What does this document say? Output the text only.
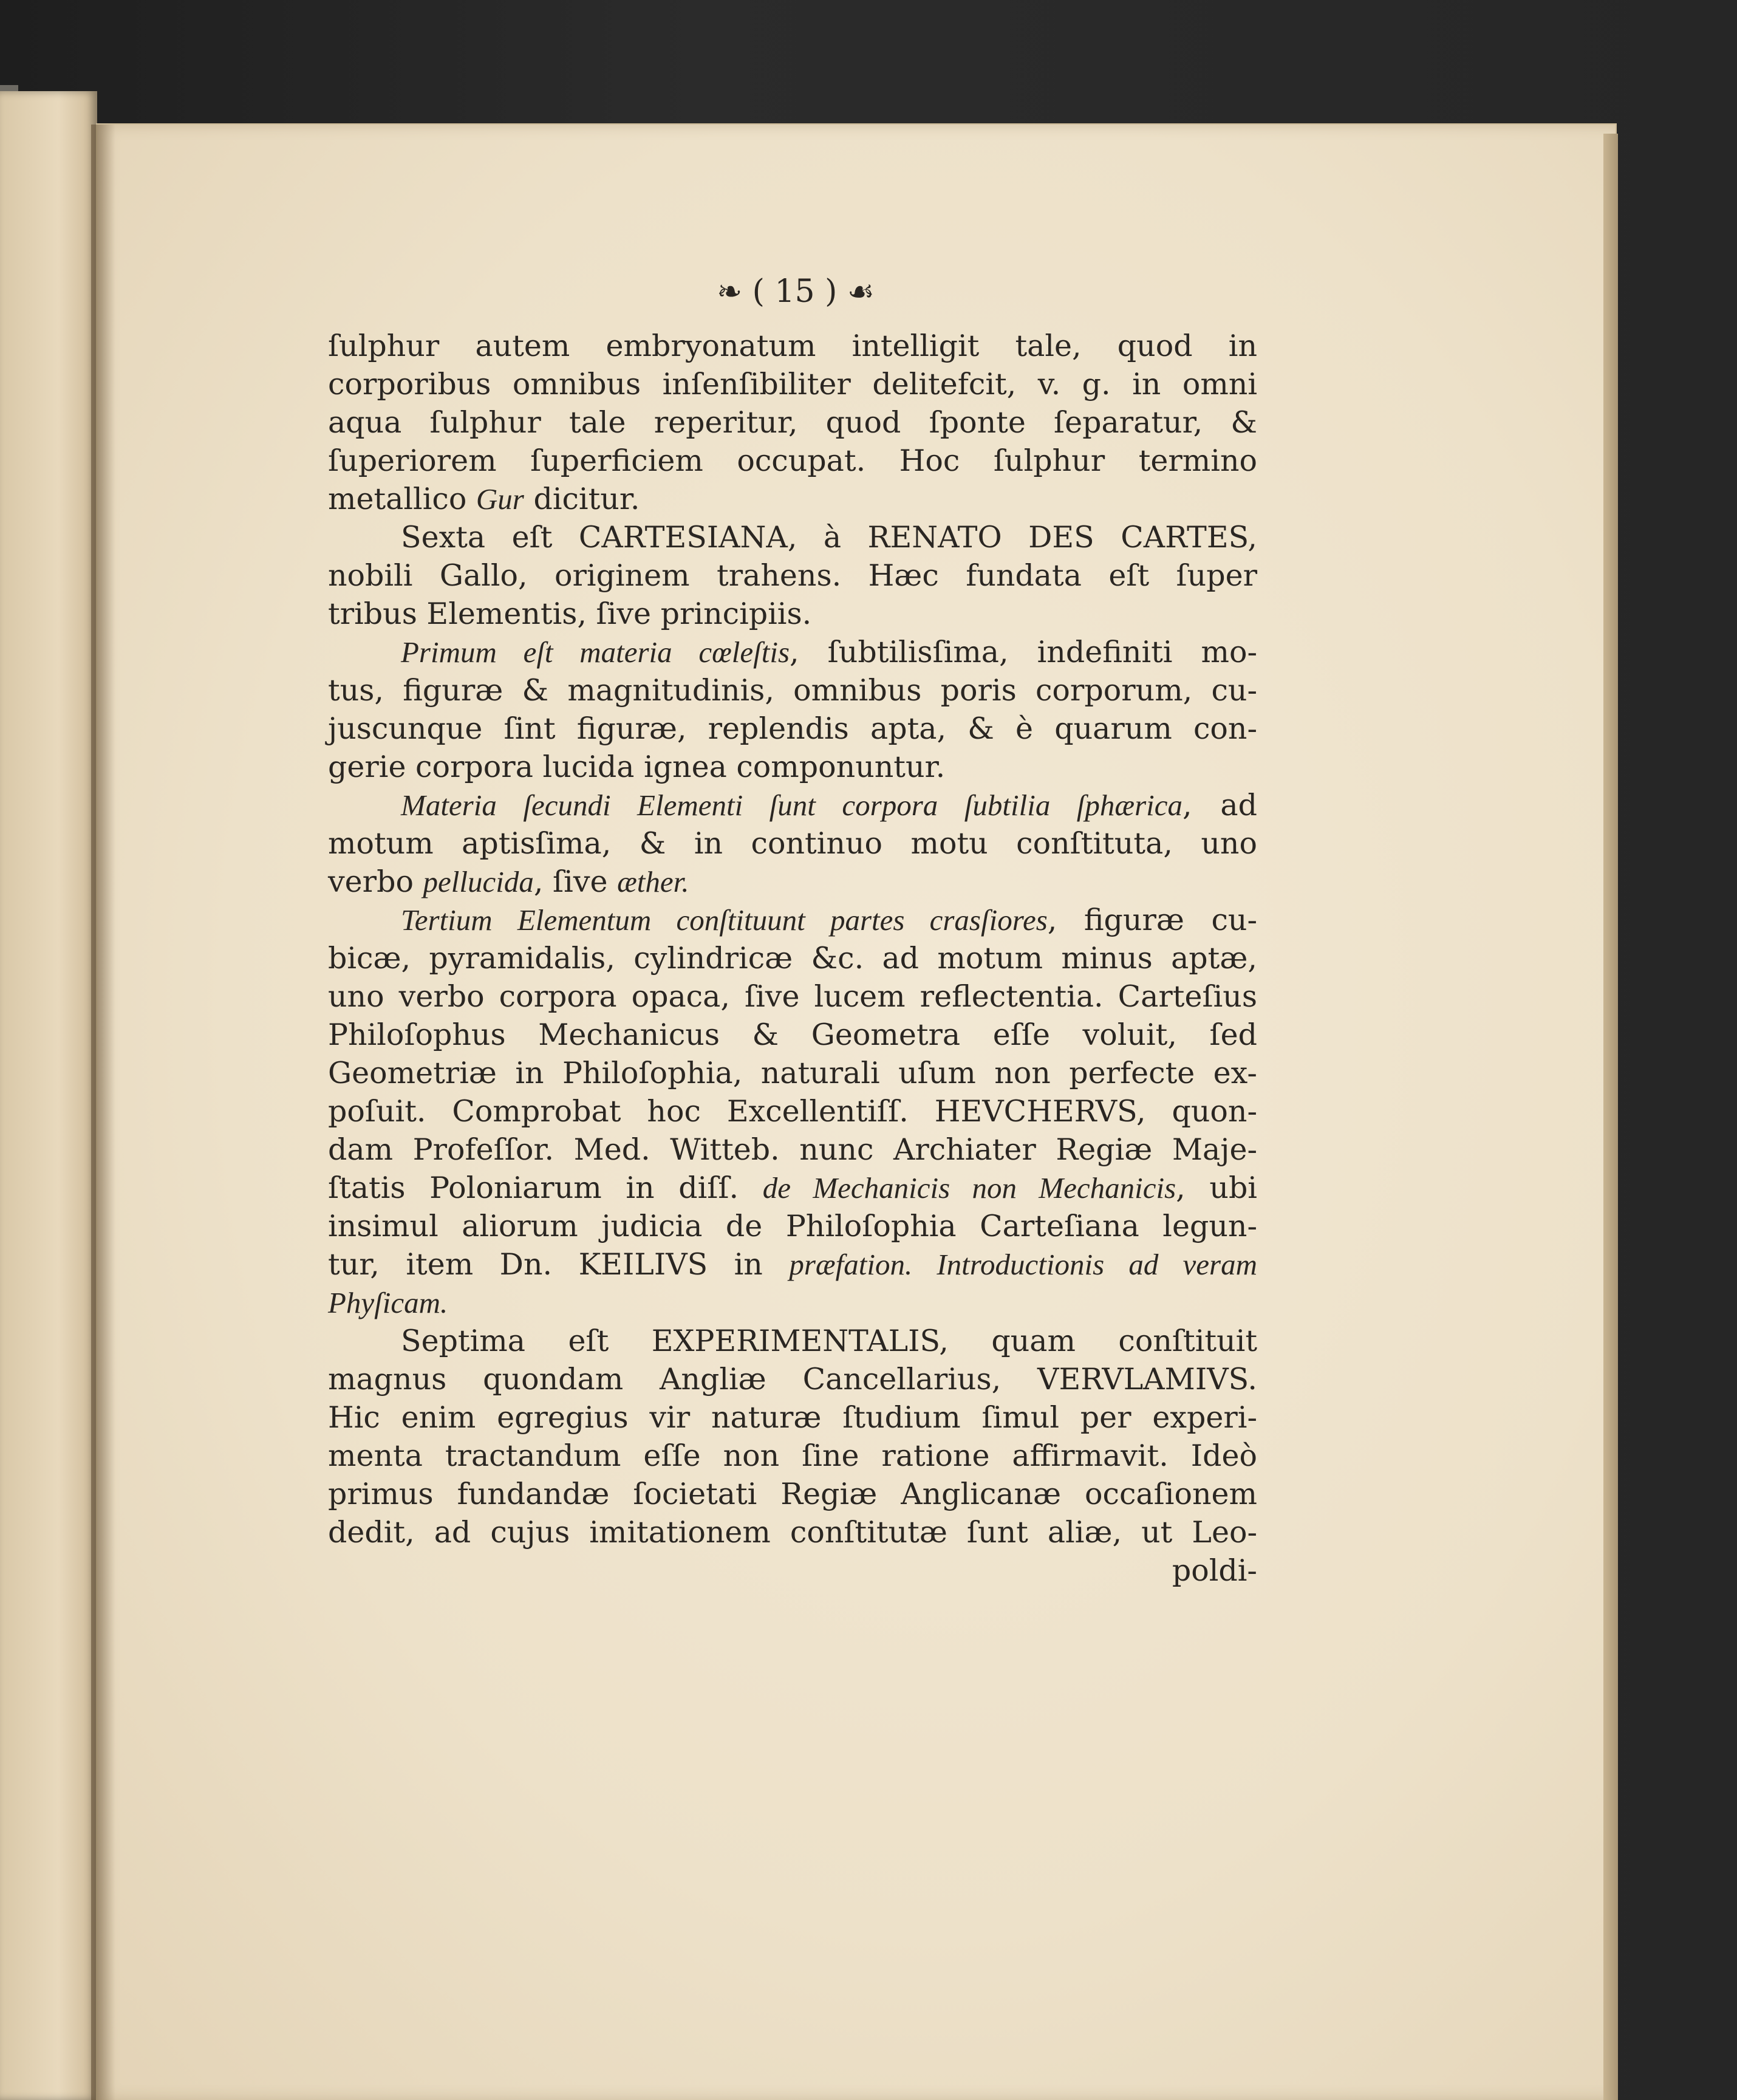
❧ ( 15 ) ☙
ſulphur autem embryonatum intelligit tale, quod in
corporibus omnibus inſenſibiliter delitefcit, v. g. in omni
aqua ſulphur tale reperitur, quod ſponte ſeparatur, &
ſuperiorem ſuperficiem occupat. Hoc ſulphur termino
metallico Gur dicitur.
Sexta eſt CARTESIANA, à RENATO DES CARTES,
nobili Gallo, originem trahens. Hæc fundata eſt ſuper
tribus Elementis, ſive principiis.
Primum eſt materia cœleſtis, ſubtilisſima, indefiniti mo-
tus, figuræ & magnitudinis, omnibus poris corporum, cu-
juscunque ſint figuræ, replendis apta, & è quarum con-
gerie corpora lucida ignea componuntur.
Materia ſecundi Elementi ſunt corpora ſubtilia ſphærica, ad
motum aptisſima, & in continuo motu conſtituta, uno
verbo pellucida, ſive æther.
Tertium Elementum conſtituunt partes crasſiores, figuræ cu-
bicæ, pyramidalis, cylindricæ &c. ad motum minus aptæ,
uno verbo corpora opaca, ſive lucem reflectentia. Carteſius
Philoſophus Mechanicus & Geometra eſſe voluit, ſed
Geometriæ in Philoſophia, naturali uſum non perfecte ex-
poſuit. Comprobat hoc Excellentiſſ. HEVCHERVS, quon-
dam Profeſſor. Med. Witteb. nunc Archiater Regiæ Maje-
ſtatis Poloniarum in diſſ. de Mechanicis non Mechanicis, ubi
insimul aliorum judicia de Philoſophia Carteſiana legun-
tur, item Dn. KEILIVS in præfation. Introductionis ad veram
Phyſicam.
Septima eſt EXPERIMENTALIS, quam conſtituit
magnus quondam Angliæ Cancellarius, VERVLAMIVS.
Hic enim egregius vir naturæ ſtudium ſimul per experi-
menta tractandum eſſe non ſine ratione affirmavit. Ideò
primus fundandæ ſocietati Regiæ Anglicanæ occaſionem
dedit, ad cujus imitationem conſtitutæ ſunt aliæ, ut Leo-
poldi-
